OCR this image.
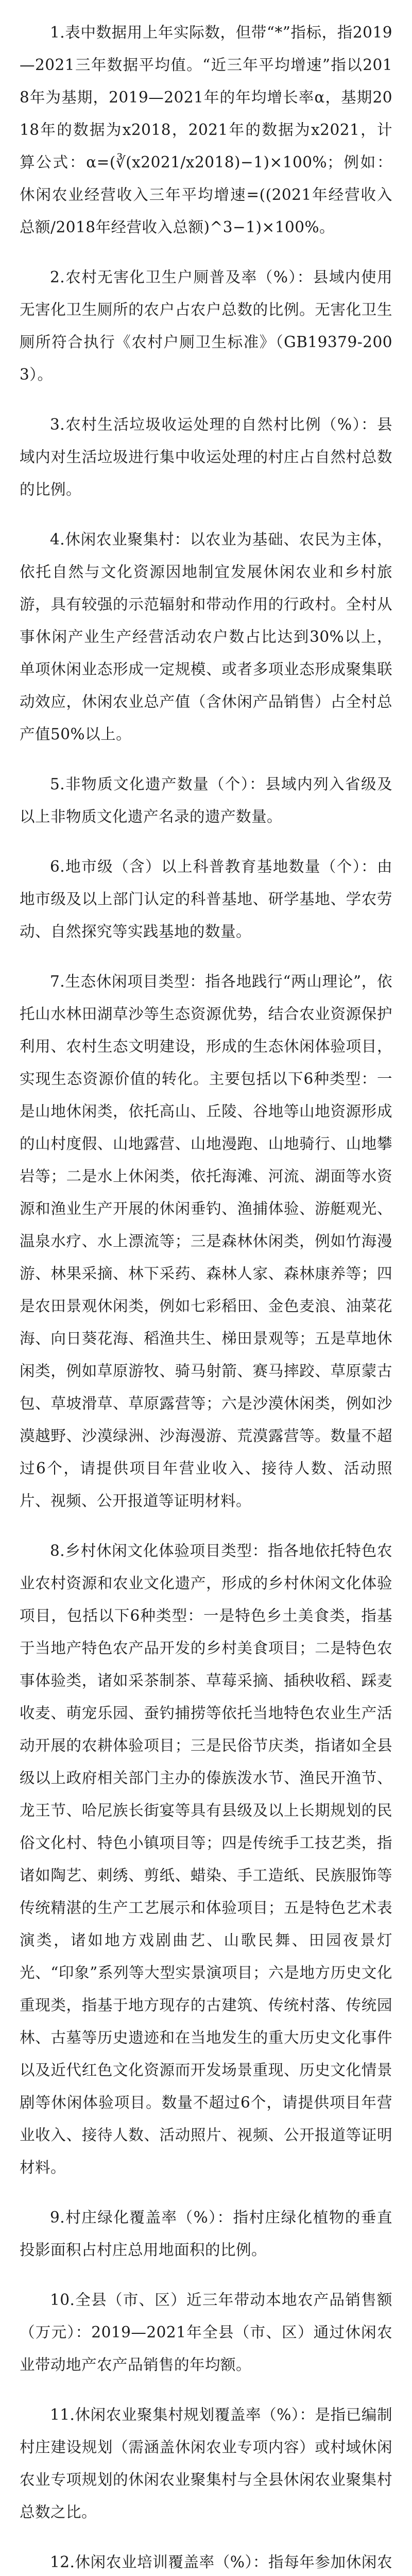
1.表中数据用上年实际数，但带“*”指标，指2019—2021三年数据平均值。“近三年平均增速”指以2018年为基期，2019—2021年的年均增长率α，基期2018年的数据为x2018，2021年的数据为x2021，计算公式：α=(∛(x2021/x2018)−1)×100%；例如：休闲农业经营收入三年平均增速=((2021年经营收入总额/2018年经营收入总额)^3−1)×100%。

2.农村无害化卫生户厕普及率（%）：县域内使用无害化卫生厕所的农户占农户总数的比例。无害化卫生厕所符合执行《农村户厕卫生标准》（GB19379-2003）。

3.农村生活垃圾收运处理的自然村比例（%）：县域内对生活垃圾进行集中收运处理的村庄占自然村总数的比例。

4.休闲农业聚集村：以农业为基础、农民为主体，依托自然与文化资源因地制宜发展休闲农业和乡村旅游，具有较强的示范辐射和带动作用的行政村。全村从事休闲产业生产经营活动农户数占比达到30%以上，单项休闲业态形成一定规模、或者多项业态形成聚集联动效应，休闲农业总产值（含休闲产品销售）占全村总产值50%以上。

5.非物质文化遗产数量（个）：县域内列入省级及以上非物质文化遗产名录的遗产数量。

6.地市级（含）以上科普教育基地数量（个）：由地市级及以上部门认定的科普基地、研学基地、学农劳动、自然探究等实践基地的数量。

7.生态休闲项目类型：指各地践行“两山理论”，依托山水林田湖草沙等生态资源优势，结合农业资源保护利用、农村生态文明建设，形成的生态休闲体验项目，实现生态资源价值的转化。主要包括以下6种类型：一是山地休闲类，依托高山、丘陵、谷地等山地资源形成的山村度假、山地露营、山地漫跑、山地骑行、山地攀岩等；二是水上休闲类，依托海滩、河流、湖面等水资源和渔业生产开展的休闲垂钓、渔捕体验、游艇观光、温泉水疗、水上漂流等；三是森林休闲类，例如竹海漫游、林果采摘、林下采药、森林人家、森林康养等；四是农田景观休闲类，例如七彩稻田、金色麦浪、油菜花海、向日葵花海、稻渔共生、梯田景观等；五是草地休闲类，例如草原游牧、骑马射箭、赛马摔跤、草原蒙古包、草坡滑草、草原露营等；六是沙漠休闲类，例如沙漠越野、沙漠绿洲、沙海漫游、荒漠露营等。数量不超过6个，请提供项目年营业收入、接待人数、活动照片、视频、公开报道等证明材料。

8.乡村休闲文化体验项目类型：指各地依托特色农业农村资源和农业文化遗产，形成的乡村休闲文化体验项目，包括以下6种类型：一是特色乡土美食类，指基于当地产特色农产品开发的乡村美食项目；二是特色农事体验类，诸如采茶制茶、草莓采摘、插秧收稻、踩麦收麦、萌宠乐园、蚕钓捕捞等依托当地特色农业生产活动开展的农耕体验项目；三是民俗节庆类，指诸如全县级以上政府相关部门主办的傣族泼水节、渔民开渔节、龙王节、哈尼族长街宴等具有县级及以上长期规划的民俗文化村、特色小镇项目等；四是传统手工技艺类，指诸如陶艺、刺绣、剪纸、蜡染、手工造纸、民族服饰等传统精湛的生产工艺展示和体验项目；五是特色艺术表演类，诸如地方戏剧曲艺、山歌民舞、田园夜景灯光、“印象”系列等大型实景演项目；六是地方历史文化重现类，指基于地方现存的古建筑、传统村落、传统园林、古墓等历史遗迹和在当地发生的重大历史文化事件以及近代红色文化资源而开发场景重现、历史文化情景剧等休闲体验项目。数量不超过6个，请提供项目年营业收入、接待人数、活动照片、视频、公开报道等证明材料。

9.村庄绿化覆盖率（%）：指村庄绿化植物的垂直投影面积占村庄总用地面积的比例。

10.全县（市、区）近三年带动本地农产品销售额（万元）：2019—2021年全县（市、区）通过休闲农业带动地产农产品销售的年均额。

11.休闲农业聚集村规划覆盖率（%）：是指已编制村庄建设规划（需涵盖休闲农业专项内容）或村域休闲农业专项规划的休闲农业聚集村与全县休闲农业聚集村总数之比。

12.休闲农业培训覆盖率（%）：指每年参加休闲农
